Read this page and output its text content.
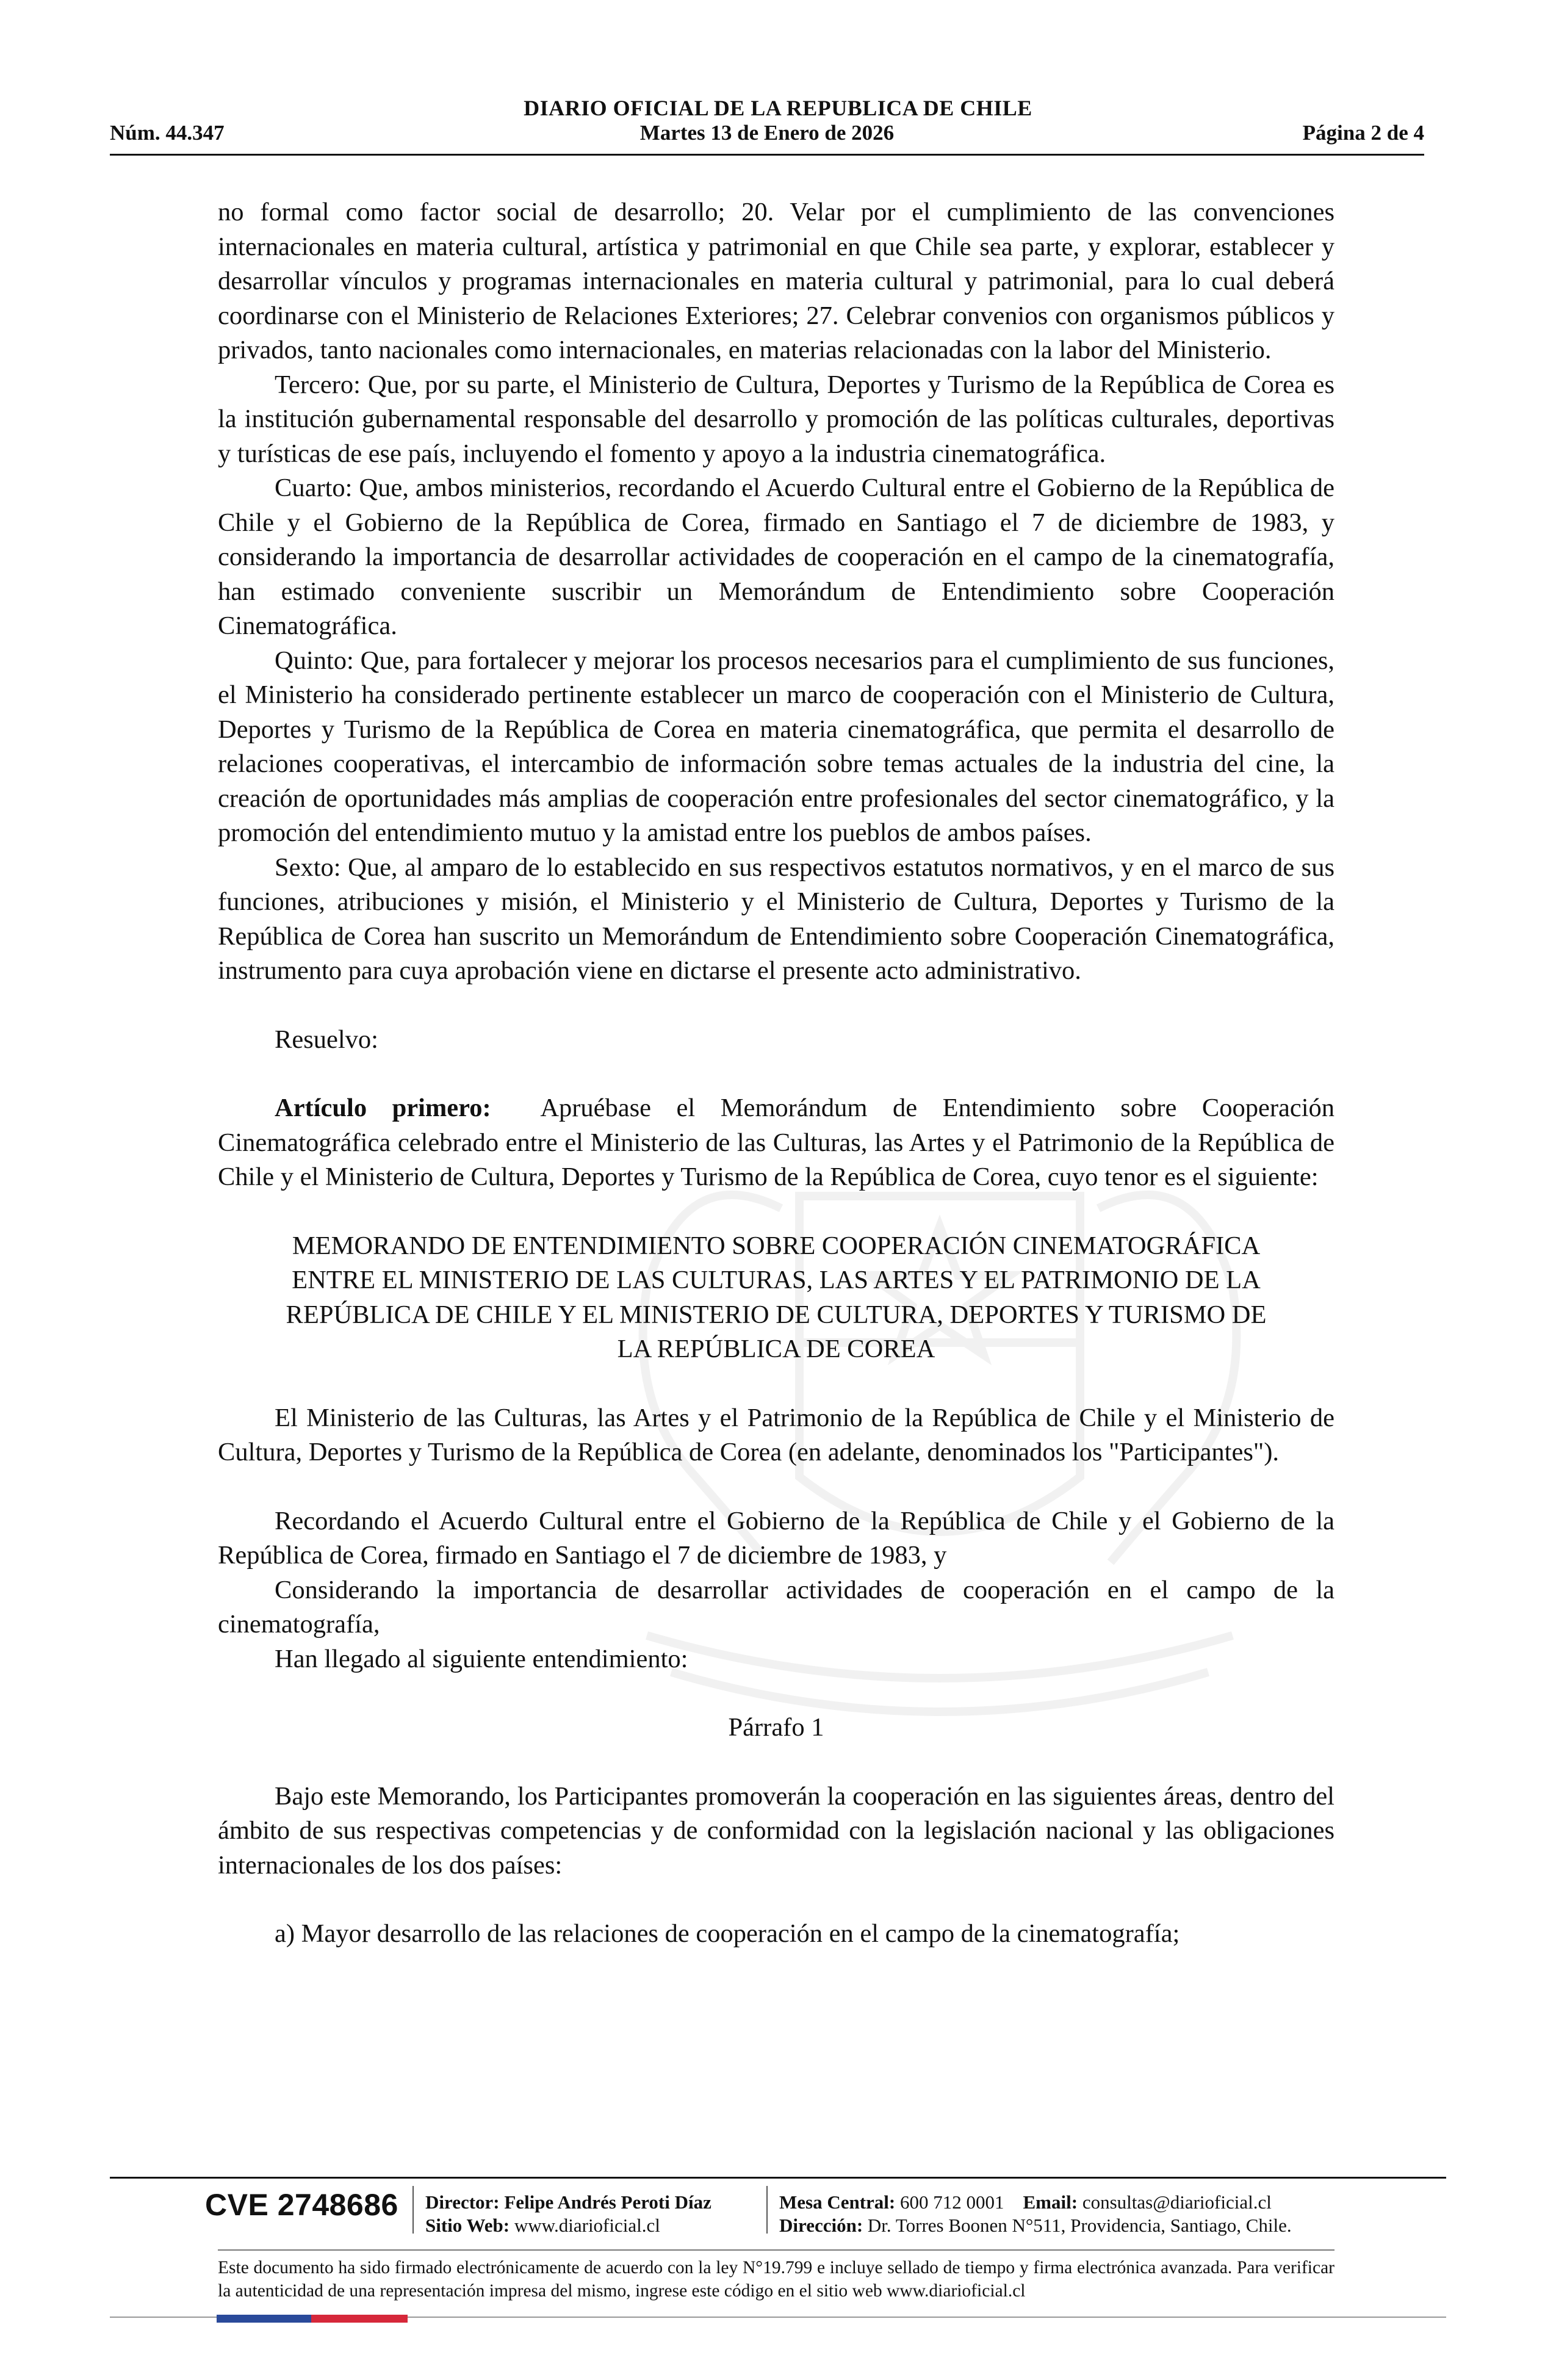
DIARIO OFICIAL DE LA REPUBLICA DE CHILE
Núm. 44.347	Martes 13 de Enero de 2026	Página 2 de 4

no formal como factor social de desarrollo; 20. Velar por el cumplimiento de las convenciones internacionales en materia cultural, artística y patrimonial en que Chile sea parte, y explorar, establecer y desarrollar vínculos y programas internacionales en materia cultural y patrimonial, para lo cual deberá coordinarse con el Ministerio de Relaciones Exteriores; 27. Celebrar convenios con organismos públicos y privados, tanto nacionales como internacionales, en materias relacionadas con la labor del Ministerio.

Tercero: Que, por su parte, el Ministerio de Cultura, Deportes y Turismo de la República de Corea es la institución gubernamental responsable del desarrollo y promoción de las políticas culturales, deportivas y turísticas de ese país, incluyendo el fomento y apoyo a la industria cinematográfica.

Cuarto: Que, ambos ministerios, recordando el Acuerdo Cultural entre el Gobierno de la República de Chile y el Gobierno de la República de Corea, firmado en Santiago el 7 de diciembre de 1983, y considerando la importancia de desarrollar actividades de cooperación en el campo de la cinematografía, han estimado conveniente suscribir un Memorándum de Entendimiento sobre Cooperación Cinematográfica.

Quinto: Que, para fortalecer y mejorar los procesos necesarios para el cumplimiento de sus funciones, el Ministerio ha considerado pertinente establecer un marco de cooperación con el Ministerio de Cultura, Deportes y Turismo de la República de Corea en materia cinematográfica, que permita el desarrollo de relaciones cooperativas, el intercambio de información sobre temas actuales de la industria del cine, la creación de oportunidades más amplias de cooperación entre profesionales del sector cinematográfico, y la promoción del entendimiento mutuo y la amistad entre los pueblos de ambos países.

Sexto: Que, al amparo de lo establecido en sus respectivos estatutos normativos, y en el marco de sus funciones, atribuciones y misión, el Ministerio y el Ministerio de Cultura, Deportes y Turismo de la República de Corea han suscrito un Memorándum de Entendimiento sobre Cooperación Cinematográfica, instrumento para cuya aprobación viene en dictarse el presente acto administrativo.

Resuelvo:

Artículo primero: Apruébase el Memorándum de Entendimiento sobre Cooperación Cinematográfica celebrado entre el Ministerio de las Culturas, las Artes y el Patrimonio de la República de Chile y el Ministerio de Cultura, Deportes y Turismo de la República de Corea, cuyo tenor es el siguiente:

MEMORANDO DE ENTENDIMIENTO SOBRE COOPERACIÓN CINEMATOGRÁFICA
ENTRE EL MINISTERIO DE LAS CULTURAS, LAS ARTES Y EL PATRIMONIO DE LA
REPÚBLICA DE CHILE Y EL MINISTERIO DE CULTURA, DEPORTES Y TURISMO DE
LA REPÚBLICA DE COREA

El Ministerio de las Culturas, las Artes y el Patrimonio de la República de Chile y el Ministerio de Cultura, Deportes y Turismo de la República de Corea (en adelante, denominados los "Participantes").

Recordando el Acuerdo Cultural entre el Gobierno de la República de Chile y el Gobierno de la República de Corea, firmado en Santiago el 7 de diciembre de 1983, y

Considerando la importancia de desarrollar actividades de cooperación en el campo de la cinematografía,

Han llegado al siguiente entendimiento:

Párrafo 1

Bajo este Memorando, los Participantes promoverán la cooperación en las siguientes áreas, dentro del ámbito de sus respectivas competencias y de conformidad con la legislación nacional y las obligaciones internacionales de los dos países:

a) Mayor desarrollo de las relaciones de cooperación en el campo de la cinematografía;

CVE 2748686 Director: Felipe Andrés Peroti Díaz
Sitio Web: www.diarioficial.cl
Mesa Central: 600 712 0001 Email: consultas@diarioficial.cl
Dirección: Dr. Torres Boonen N°511, Providencia, Santiago, Chile.
Este documento ha sido firmado electrónicamente de acuerdo con la ley N°19.799 e incluye sellado de tiempo y firma electrónica avanzada. Para verificar la autenticidad de una representación impresa del mismo, ingrese este código en el sitio web www.diarioficial.cl
